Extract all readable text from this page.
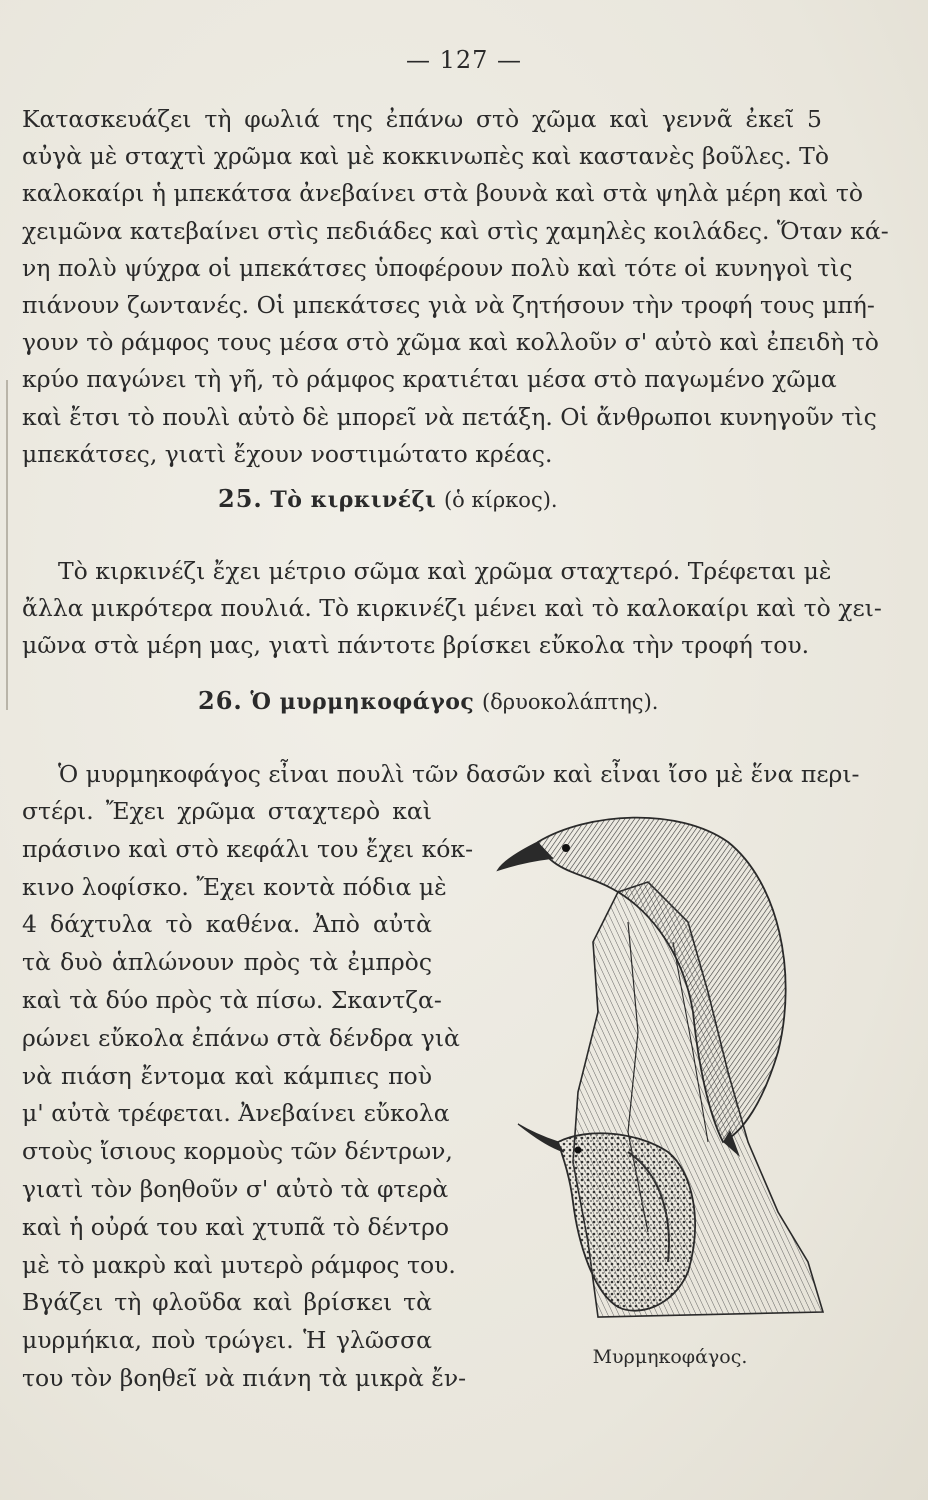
— 127 —
Κατασκευάζει τὴ φωλιά της ἐπάνω στὸ χῶμα καὶ γεννᾶ ἐκεῖ 5
αὐγὰ μὲ σταχτὶ χρῶμα καὶ μὲ κοκκινωπὲς καὶ καστανὲς βοῦλες. Τὸ
καλοκαίρι ἡ μπεκάτσα ἀνεβαίνει στὰ βουνὰ καὶ στὰ ψηλὰ μέρη καὶ τὸ
χειμῶνα κατεβαίνει στὶς πεδιάδες καὶ στὶς χαμηλὲς κοιλάδες. Ὅταν κά-
νη πολὺ ψύχρα οἱ μπεκάτσες ὑποφέρουν πολὺ καὶ τότε οἱ κυνηγοὶ τὶς
πιάνουν ζωντανές. Οἱ μπεκάτσες γιὰ νὰ ζητήσουν τὴν τροφή τους μπή-
γουν τὸ ράμφος τους μέσα στὸ χῶμα καὶ κολλοῦν σ' αὐτὸ καὶ ἐπειδὴ τὸ
κρύο παγώνει τὴ γῆ, τὸ ράμφος κρατιέται μέσα στὸ παγωμένο χῶμα
καὶ ἔτσι τὸ πουλὶ αὐτὸ δὲ μπορεῖ νὰ πετάξη. Οἱ ἄνθρωποι κυνηγοῦν τὶς
μπεκάτσες, γιατὶ ἔχουν νοστιμώτατο κρέας.
25. Τὸ κιρκινέζι (ὁ κίρκος).
Τὸ κιρκινέζι ἔχει μέτριο σῶμα καὶ χρῶμα σταχτερό. Τρέφεται μὲ
ἄλλα μικρότερα πουλιά. Τὸ κιρκινέζι μένει καὶ τὸ καλοκαίρι καὶ τὸ χει-
μῶνα στὰ μέρη μας, γιατὶ πάντοτε βρίσκει εὔκολα τὴν τροφή του.
26. Ὁ μυρμηκοφάγος (δρυοκολάπτης).
Ὁ μυρμηκοφάγος εἶναι πουλὶ τῶν δασῶν καὶ εἶναι ἴσο μὲ ἕνα περι-
στέρι. Ἔχει χρῶμα σταχτερὸ καὶ
πράσινο καὶ στὸ κεφάλι του ἔχει κόκ-
κινο λοφίσκο. Ἔχει κοντὰ πόδια μὲ
4 δάχτυλα τὸ καθένα. Ἀπὸ αὐτὰ
τὰ δυὸ ἁπλώνουν πρὸς τὰ ἐμπρὸς
καὶ τὰ δύο πρὸς τὰ πίσω. Σκαντζα-
ρώνει εὔκολα ἐπάνω στὰ δένδρα γιὰ
νὰ πιάση ἔντομα καὶ κάμπιες ποὺ
μ' αὐτὰ τρέφεται. Ἀνεβαίνει εὔκολα
στοὺς ἴσιους κορμοὺς τῶν δέντρων,
γιατὶ τὸν βοηθοῦν σ' αὐτὸ τὰ φτερὰ
καὶ ἡ οὐρά του καὶ χτυπᾶ τὸ δέντρο
μὲ τὸ μακρὺ καὶ μυτερὸ ράμφος του.
Βγάζει τὴ φλοῦδα καὶ βρίσκει τὰ
μυρμήκια, ποὺ τρώγει. Ἡ γλῶσσα
του τὸν βοηθεῖ νὰ πιάνη τὰ μικρὰ ἔν-
Μυρμηκοφάγος.
